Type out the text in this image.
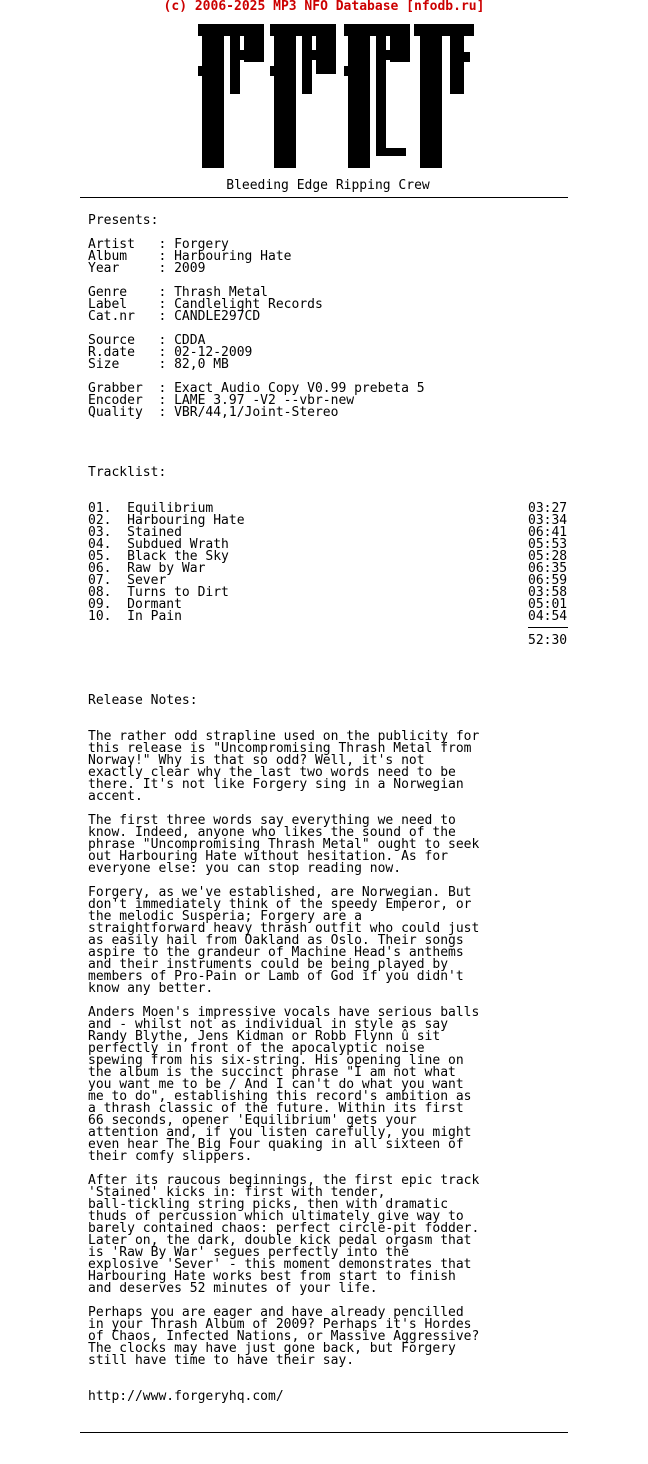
(c) 2006-2025 MP3 NFO Database [nfodb.ru]
Bleeding Edge Ripping Crew
Presents:
Artist   : Forgery
Album    : Harbouring Hate
Year     : 2009
Genre    : Thrash Metal
Label    : Candlelight Records
Cat.nr   : CANDLE297CD
Source   : CDDA
R.date   : 02-12-2009
Size     : 82,0 MB
Grabber  : Exact Audio Copy V0.99 prebeta 5
Encoder  : LAME 3.97 -V2 --vbr-new
Quality  : VBR/44,1/Joint-Stereo
Tracklist:
01.  Equilibrium	03:27
02.  Harbouring Hate	03:34
03.  Stained	06:41
04.  Subdued Wrath	05:53
05.  Black the Sky	05:28
06.  Raw by War	06:35
07.  Sever	06:59
08.  Turns to Dirt	03:58
09.  Dormant	05:01
10.  In Pain	04:54
52:30
Release Notes:
The rather odd strapline used on the publicity for
this release is "Uncompromising Thrash Metal from
Norway!" Why is that so odd? Well, it's not
exactly clear why the last two words need to be
there. It's not like Forgery sing in a Norwegian
accent.
The first three words say everything we need to
know. Indeed, anyone who likes the sound of the
phrase "Uncompromising Thrash Metal" ought to seek
out Harbouring Hate without hesitation. As for
everyone else: you can stop reading now.
Forgery, as we've established, are Norwegian. But
don't immediately think of the speedy Emperor, or
the melodic Susperia; Forgery are a
straightforward heavy thrash outfit who could just
as easily hail from Oakland as Oslo. Their songs
aspire to the grandeur of Machine Head's anthems
and their instruments could be being played by
members of Pro-Pain or Lamb of God if you didn't
know any better.
Anders Moen's impressive vocals have serious balls
and - whilst not as individual in style as say
Randy Blythe, Jens Kidman or Robb Flynn û sit
perfectly in front of the apocalyptic noise
spewing from his six-string. His opening line on
the album is the succinct phrase "I am not what
you want me to be / And I can't do what you want
me to do", establishing this record's ambition as
a thrash classic of the future. Within its first
66 seconds, opener 'Equilibrium' gets your
attention and, if you listen carefully, you might
even hear The Big Four quaking in all sixteen of
their comfy slippers.
After its raucous beginnings, the first epic track
'Stained' kicks in: first with tender,
ball-tickling string picks, then with dramatic
thuds of percussion which ultimately give way to
barely contained chaos: perfect circle-pit fodder.
Later on, the dark, double kick pedal orgasm that
is 'Raw By War' segues perfectly into the
explosive 'Sever' - this moment demonstrates that
Harbouring Hate works best from start to finish
and deserves 52 minutes of your life.
Perhaps you are eager and have already pencilled
in your Thrash Album of 2009? Perhaps it's Hordes
of Chaos, Infected Nations, or Massive Aggressive?
The clocks may have just gone back, but Forgery
still have time to have their say.
http://www.forgeryhq.com/
